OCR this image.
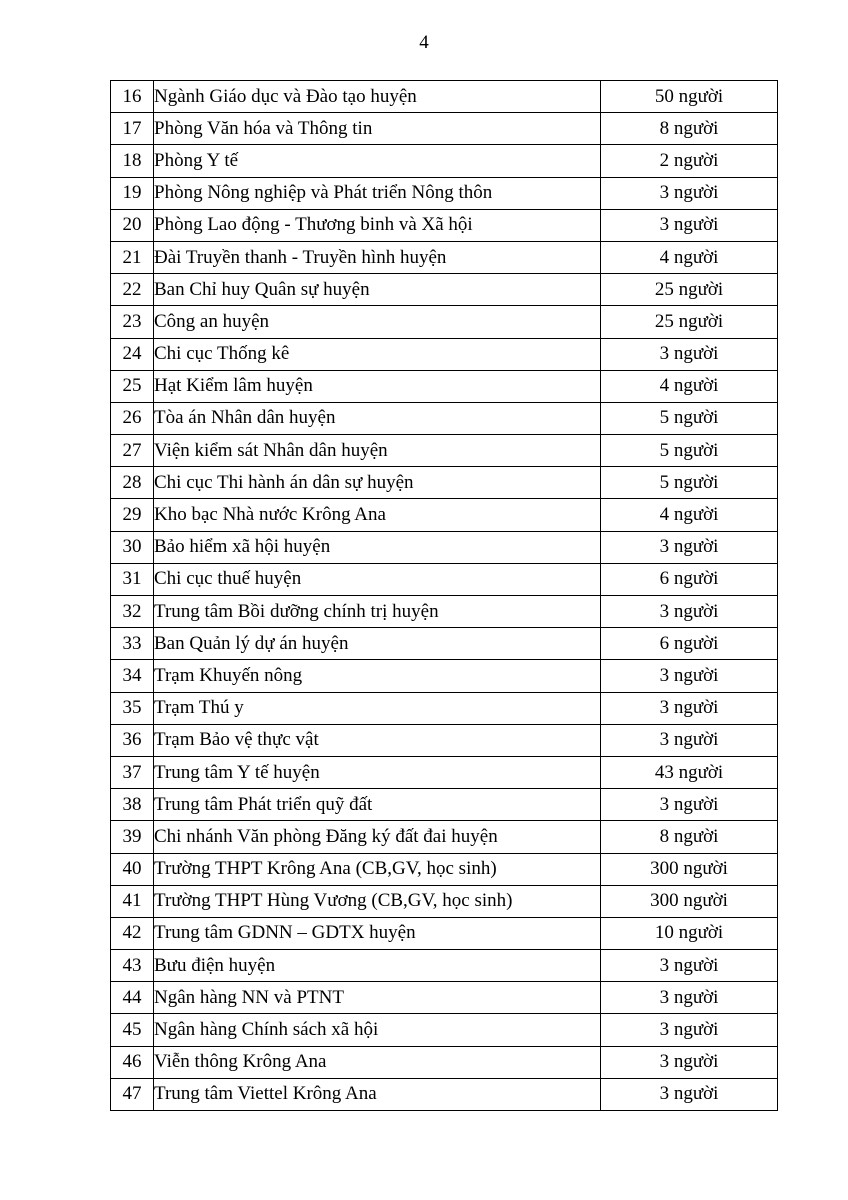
4
16	Ngành Giáo dục và Đào tạo huyện	50 người
17	Phòng Văn hóa và Thông tin	8 người
18	Phòng Y tế	2 người
19	Phòng Nông nghiệp và Phát triển Nông thôn	3 người
20	Phòng Lao động - Thương binh và Xã hội	3 người
21	Đài Truyền thanh - Truyền hình huyện	4 người
22	Ban Chỉ huy Quân sự huyện	25 người
23	Công an huyện	25 người
24	Chi cục Thống kê	3 người
25	Hạt Kiểm lâm huyện	4 người
26	Tòa án Nhân dân huyện	5 người
27	Viện kiểm sát Nhân dân huyện	5 người
28	Chi cục Thi hành án dân sự huyện	5 người
29	Kho bạc Nhà nước Krông Ana	4 người
30	Bảo hiểm xã hội huyện	3 người
31	Chi cục thuế huyện	6 người
32	Trung tâm Bồi dưỡng chính trị huyện	3 người
33	Ban Quản lý dự án huyện	6 người
34	Trạm Khuyến nông	3 người
35	Trạm Thú y	3 người
36	Trạm Bảo vệ thực vật	3 người
37	Trung tâm Y tế huyện	43 người
38	Trung tâm Phát triển quỹ đất	3 người
39	Chi nhánh Văn phòng Đăng ký đất đai huyện	8 người
40	Trường THPT Krông Ana (CB,GV, học sinh)	300 người
41	Trường THPT Hùng Vương (CB,GV, học sinh)	300 người
42	Trung tâm GDNN – GDTX huyện	10 người
43	Bưu điện huyện	3 người
44	Ngân hàng NN và PTNT	3 người
45	Ngân hàng Chính sách xã hội	3 người
46	Viễn thông Krông Ana	3 người
47	Trung tâm Viettel Krông Ana	3 người
